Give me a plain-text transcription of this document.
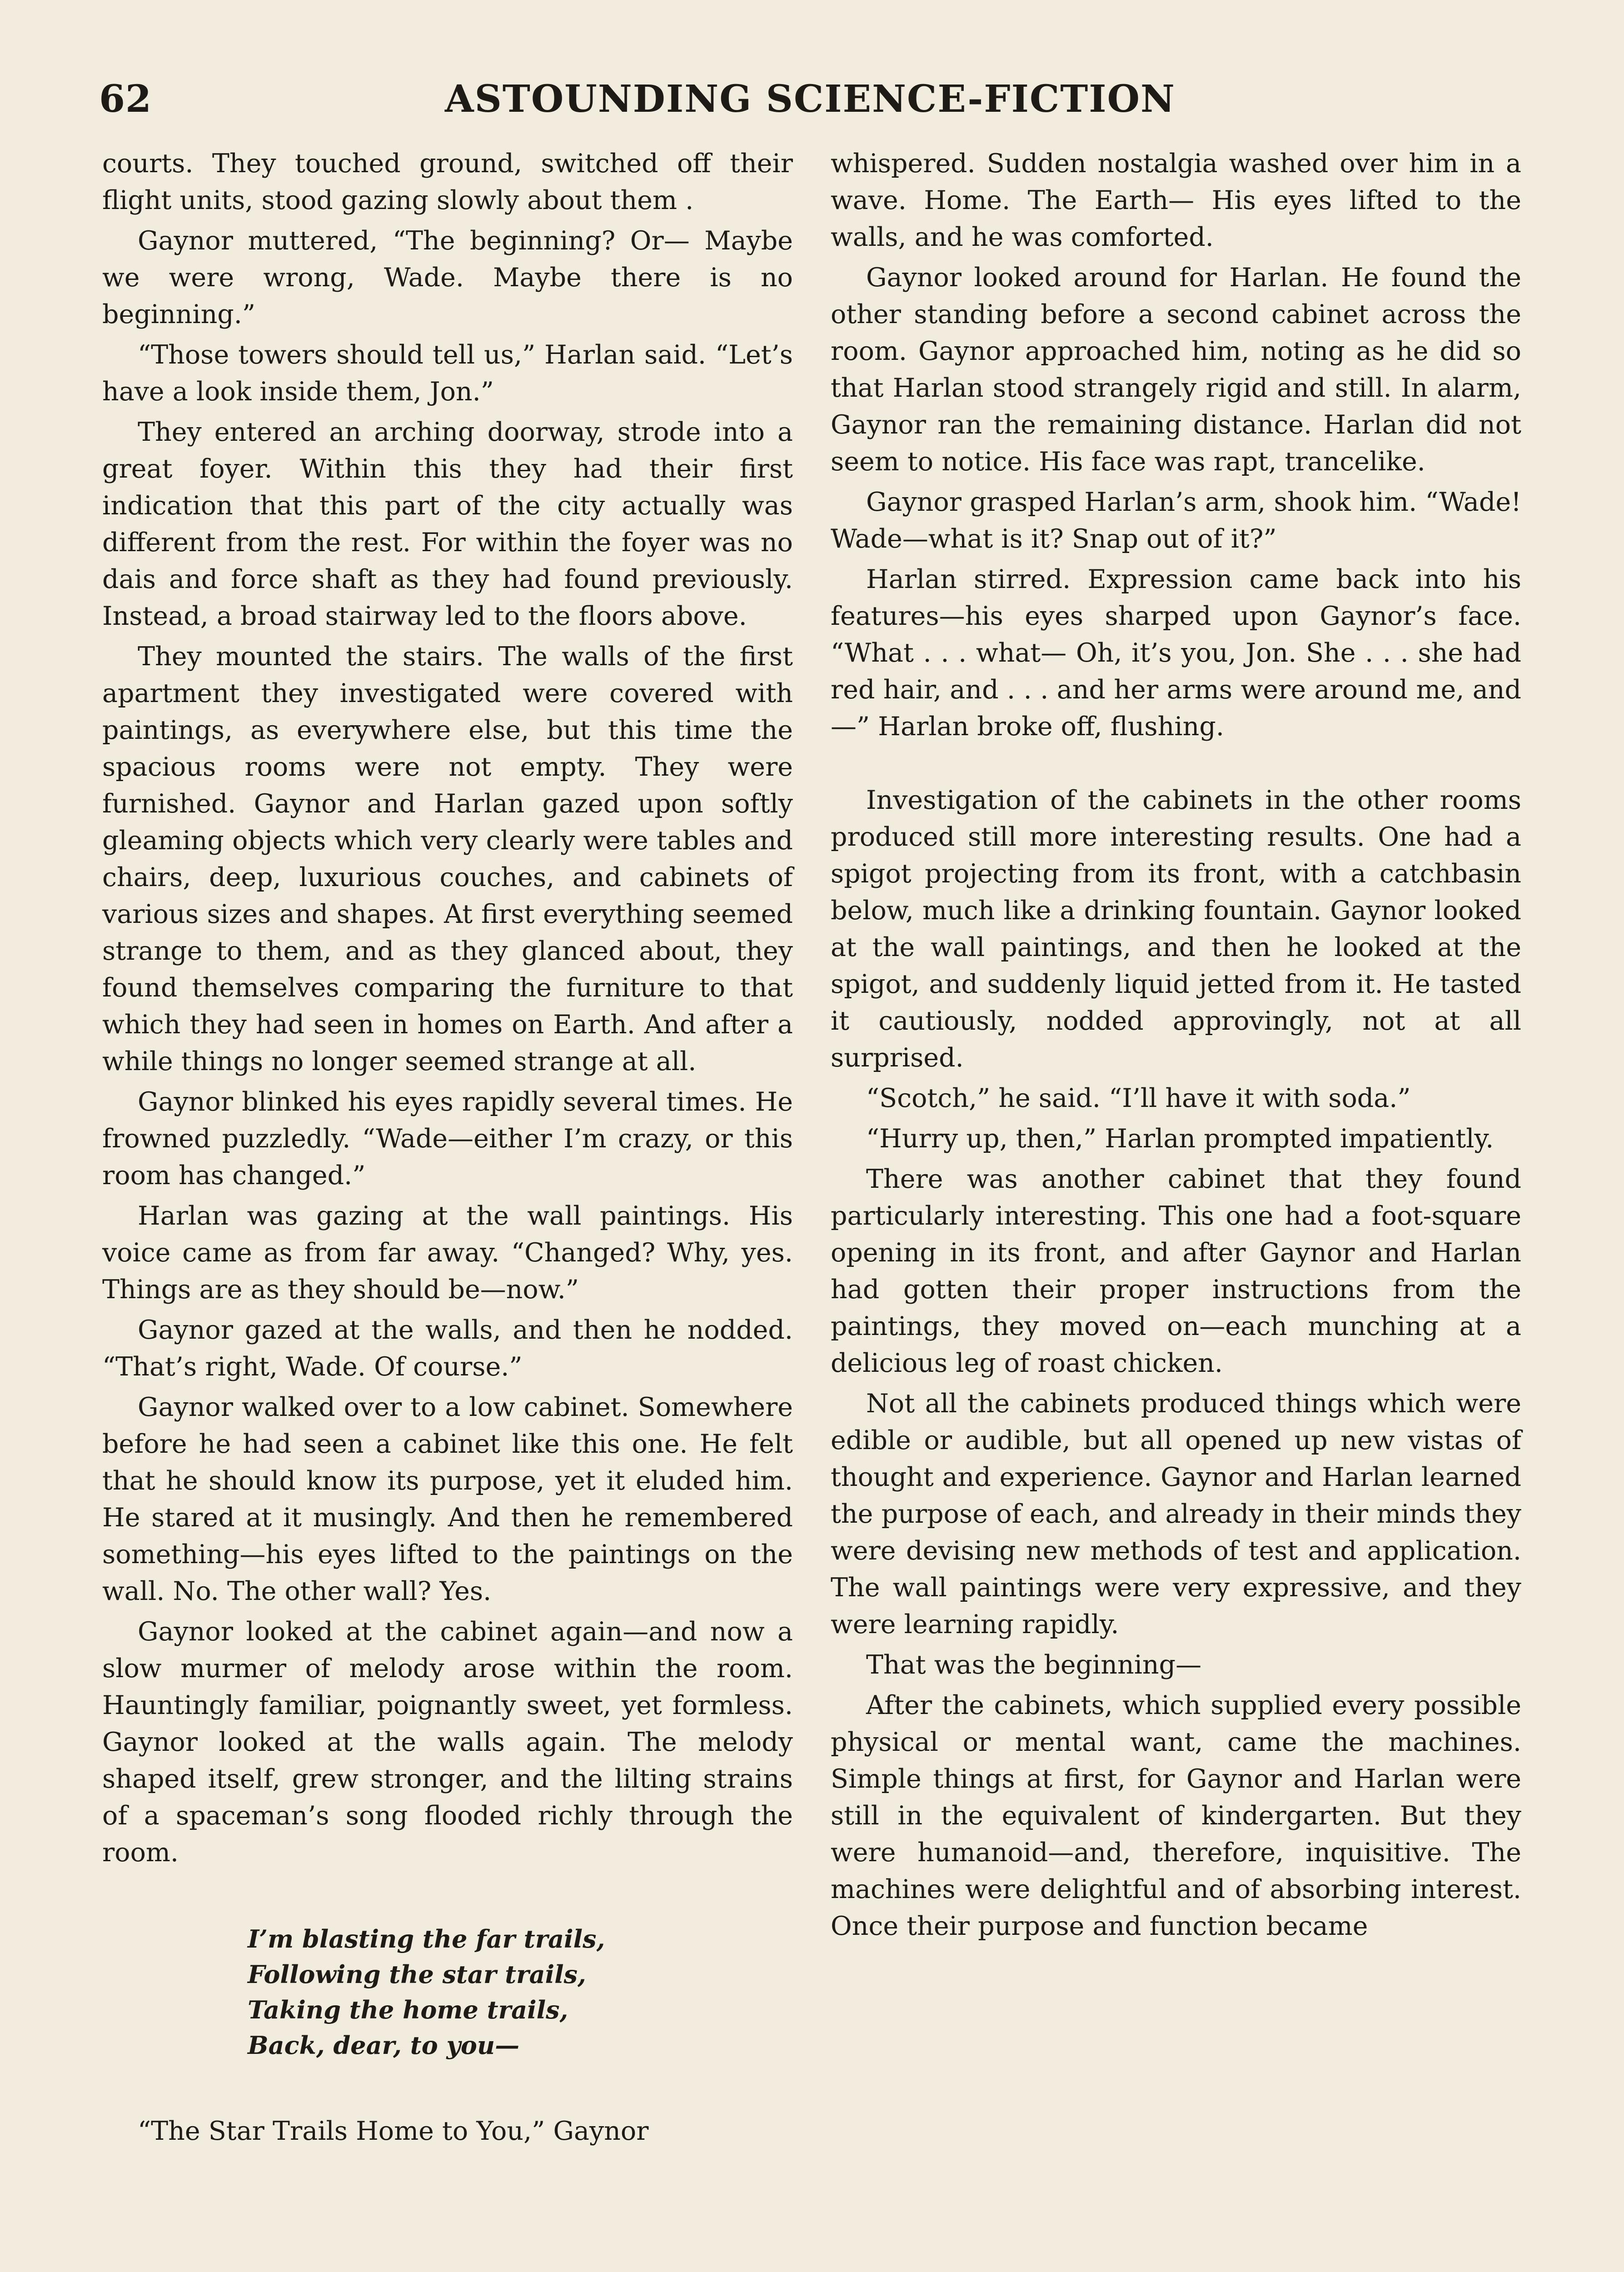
62	ASTOUNDING SCIENCE-FICTION

courts. They touched ground, switched off their flight units, stood gazing slowly about them .

Gaynor muttered, “The beginning? Or— Maybe we were wrong, Wade. Maybe there is no beginning.”

“Those towers should tell us,” Harlan said. “Let’s have a look inside them, Jon.”

They entered an arching doorway, strode into a great foyer. Within this they had their first indication that this part of the city actually was different from the rest. For within the foyer was no dais and force shaft as they had found previously. Instead, a broad stairway led to the floors above.

They mounted the stairs. The walls of the first apartment they investigated were covered with paintings, as everywhere else, but this time the spacious rooms were not empty. They were furnished. Gaynor and Harlan gazed upon softly gleaming objects which very clearly were tables and chairs, deep, luxurious couches, and cabinets of various sizes and shapes. At first everything seemed strange to them, and as they glanced about, they found themselves comparing the furniture to that which they had seen in homes on Earth. And after a while things no longer seemed strange at all.

Gaynor blinked his eyes rapidly several times. He frowned puzzledly. “Wade—either I’m crazy, or this room has changed.”

Harlan was gazing at the wall paintings. His voice came as from far away. “Changed? Why, yes. Things are as they should be—now.”

Gaynor gazed at the walls, and then he nodded. “That’s right, Wade. Of course.”

Gaynor walked over to a low cabinet. Somewhere before he had seen a cabinet like this one. He felt that he should know its purpose, yet it eluded him. He stared at it musingly. And then he remembered something—his eyes lifted to the paintings on the wall. No. The other wall? Yes.

Gaynor looked at the cabinet again—and now a slow murmer of melody arose within the room. Hauntingly familiar, poignantly sweet, yet formless. Gaynor looked at the walls again. The melody shaped itself, grew stronger, and the lilting strains of a spaceman’s song flooded richly through the room.

I’m blasting the far trails,
Following the star trails,
Taking the home trails,
Back, dear, to you—

“The Star Trails Home to You,” Gaynor

whispered. Sudden nostalgia washed over him in a wave. Home. The Earth— His eyes lifted to the walls, and he was comforted.

Gaynor looked around for Harlan. He found the other standing before a second cabinet across the room. Gaynor approached him, noting as he did so that Harlan stood strangely rigid and still. In alarm, Gaynor ran the remaining distance. Harlan did not seem to notice. His face was rapt, trancelike.

Gaynor grasped Harlan’s arm, shook him. “Wade! Wade—what is it? Snap out of it?”

Harlan stirred. Expression came back into his features—his eyes sharped upon Gaynor’s face. “What . . . what— Oh, it’s you, Jon. She . . . she had red hair, and . . . and her arms were around me, and—” Harlan broke off, flushing.

Investigation of the cabinets in the other rooms produced still more interesting results. One had a spigot projecting from its front, with a catchbasin below, much like a drinking fountain. Gaynor looked at the wall paintings, and then he looked at the spigot, and suddenly liquid jetted from it. He tasted it cautiously, nodded approvingly, not at all surprised.

“Scotch,” he said. “I’ll have it with soda.”

“Hurry up, then,” Harlan prompted impatiently.

There was another cabinet that they found particularly interesting. This one had a foot-square opening in its front, and after Gaynor and Harlan had gotten their proper instructions from the paintings, they moved on—each munching at a delicious leg of roast chicken.

Not all the cabinets produced things which were edible or audible, but all opened up new vistas of thought and experience. Gaynor and Harlan learned the purpose of each, and already in their minds they were devising new methods of test and application. The wall paintings were very expressive, and they were learning rapidly.

That was the beginning—

After the cabinets, which supplied every possible physical or mental want, came the machines. Simple things at first, for Gaynor and Harlan were still in the equivalent of kindergarten. But they were humanoid—and, therefore, inquisitive. The machines were delightful and of absorbing interest. Once their purpose and function became
